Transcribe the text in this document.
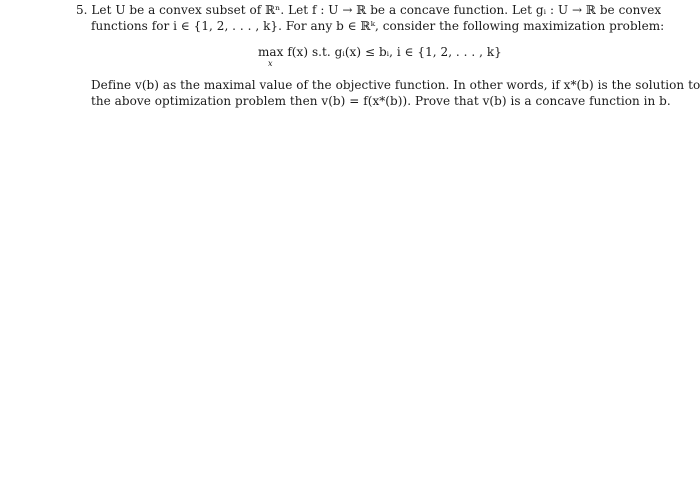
5. Let U be a convex subset of ℝⁿ. Let f : U → ℝ be a concave function. Let gᵢ : U → ℝ be convex
functions for i ∈ {1, 2, . . . , k}. For any b ∈ ℝᵏ, consider the following maximization problem:
max
x
f(x) s.t. gᵢ(x) ≤ bᵢ, i ∈ {1, 2, . . . , k}
Define v(b) as the maximal value of the objective function. In other words, if x*(b) is the solution to
the above optimization problem then v(b) = f(x*(b)). Prove that v(b) is a concave function in b.
